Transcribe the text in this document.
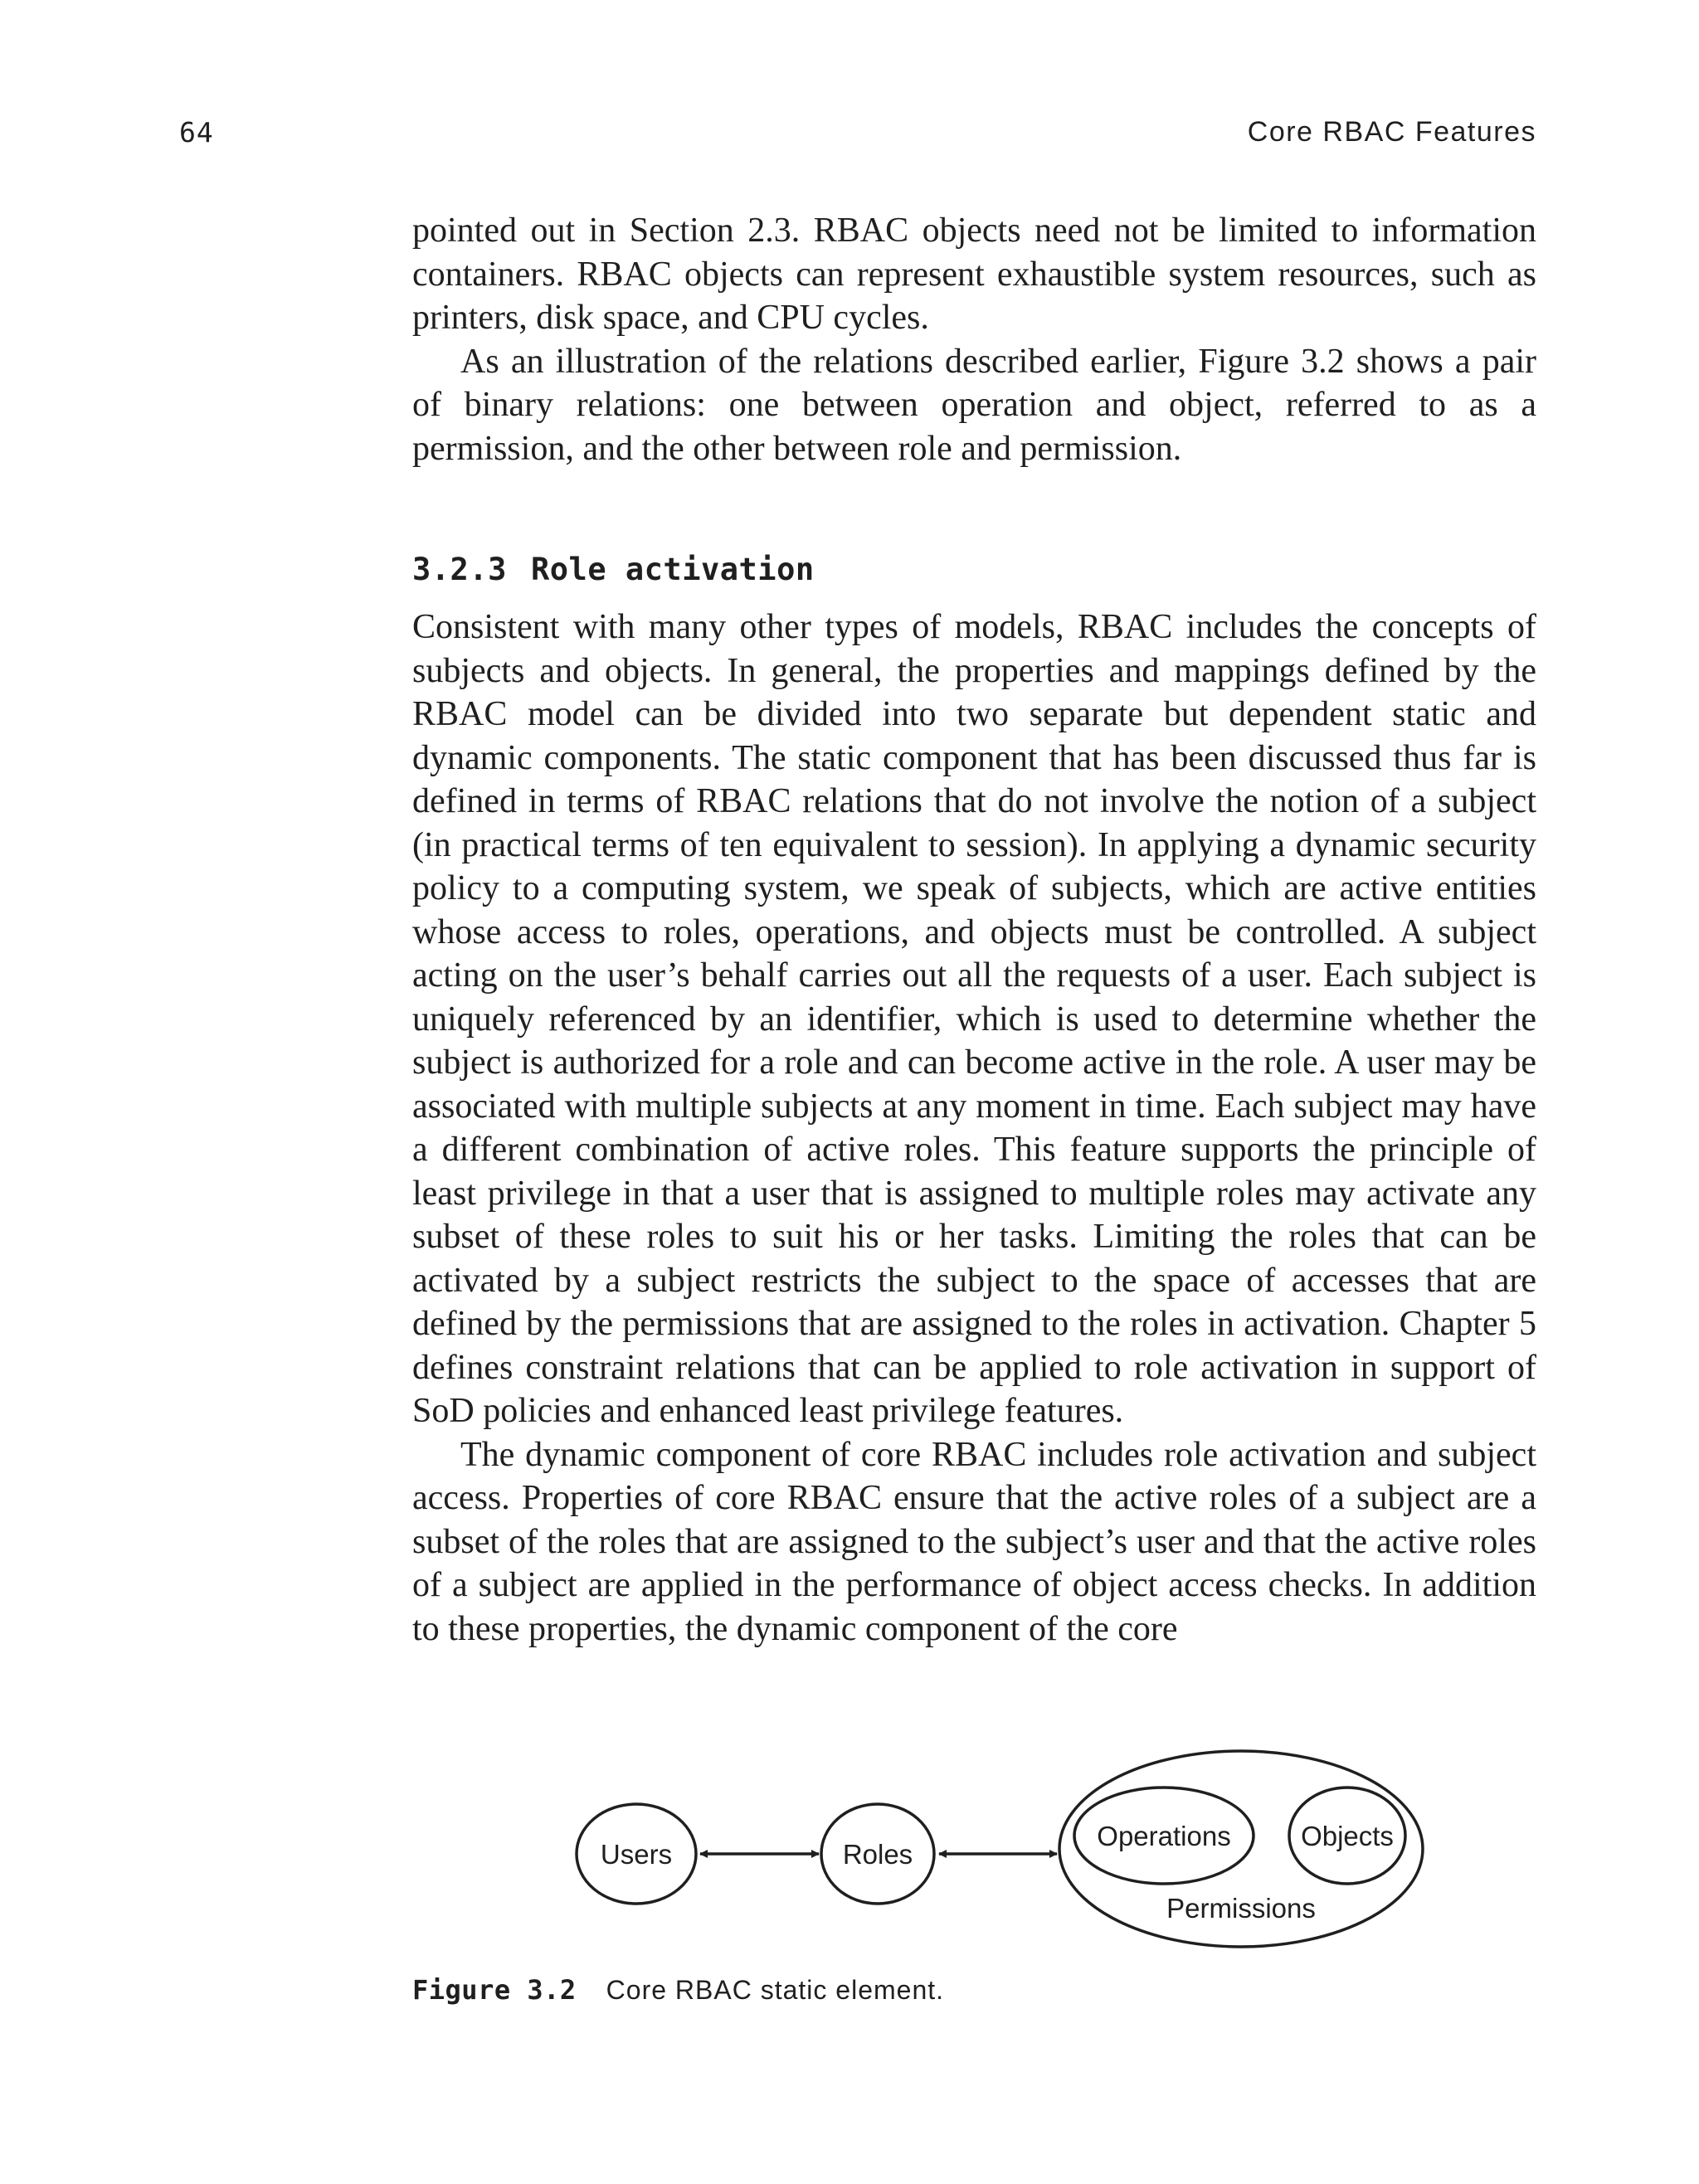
64	Core RBAC Features

pointed out in Section 2.3. RBAC objects need not be limited to information containers. RBAC objects can represent exhaustible system resources, such as printers, disk space, and CPU cycles.

As an illustration of the relations described earlier, Figure 3.2 shows a pair of binary relations: one between operation and object, referred to as a permission, and the other between role and permission.

3.2.3 Role activation

Consistent with many other types of models, RBAC includes the concepts of subjects and objects. In general, the properties and mappings defined by the RBAC model can be divided into two separate but dependent static and dynamic components. The static component that has been discussed thus far is defined in terms of RBAC relations that do not involve the notion of a subject (in practical terms of ten equivalent to session). In applying a dynamic security policy to a computing system, we speak of subjects, which are active entities whose access to roles, operations, and objects must be controlled. A subject acting on the user’s behalf carries out all the requests of a user. Each subject is uniquely referenced by an identifier, which is used to determine whether the subject is authorized for a role and can become active in the role. A user may be associated with multiple subjects at any moment in time. Each subject may have a different combination of active roles. This feature supports the principle of least privilege in that a user that is assigned to multiple roles may activate any subset of these roles to suit his or her tasks. Limiting the roles that can be activated by a subject restricts the subject to the space of accesses that are defined by the permissions that are assigned to the roles in activation. Chapter 5 defines constraint relations that can be applied to role activation in support of SoD policies and enhanced least privilege features.

The dynamic component of core RBAC includes role activation and subject access. Properties of core RBAC ensure that the active roles of a subject are a subset of the roles that are assigned to the subject’s user and that the active roles of a subject are applied in the performance of object access checks. In addition to these properties, the dynamic component of the core

Users	Roles
Operations	Objects
Permissions
Figure 3.2 Core RBAC static element.
